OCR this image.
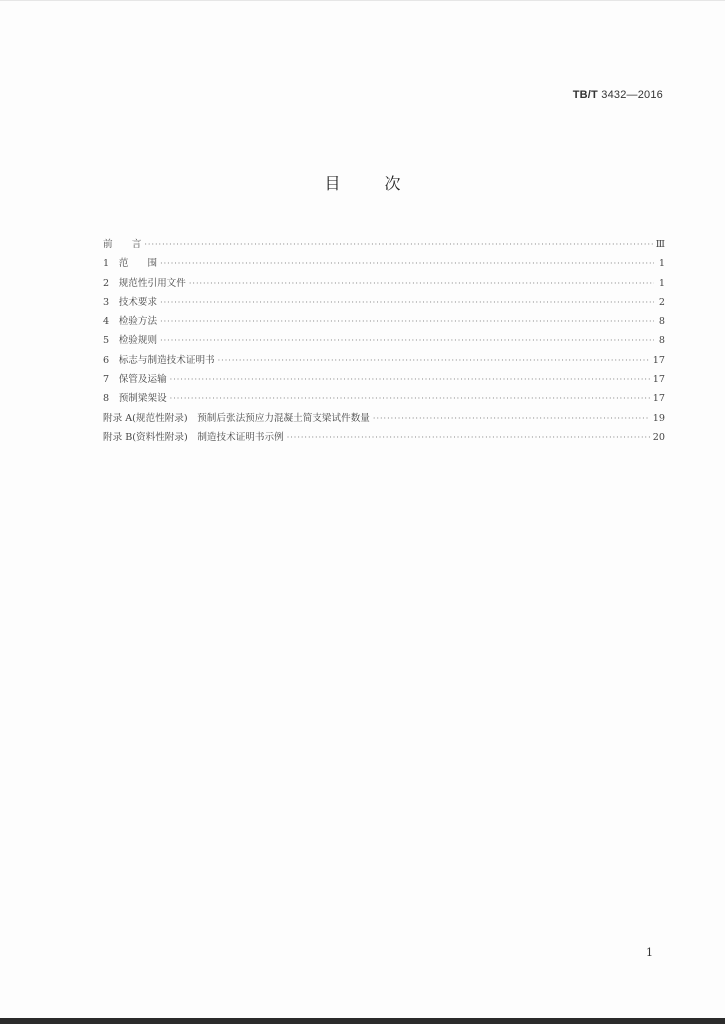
TB/T 3432—2016
目次
前　　言 ·····	Ⅲ
1　范　　围 ·····	1
2　规范性引用文件 ·····	1
3　技术要求 ·····	2
4　检验方法 ·····	8
5　检验规则 ·····	8
6　标志与制造技术证明书 ·····	17
7　保管及运输 ·····	17
8　预制梁架设 ·····	17
附录 A(规范性附录)　预制后张法预应力混凝土简支梁试件数量 ·····	19
附录 B(资料性附录)　制造技术证明书示例 ·····	20
1
